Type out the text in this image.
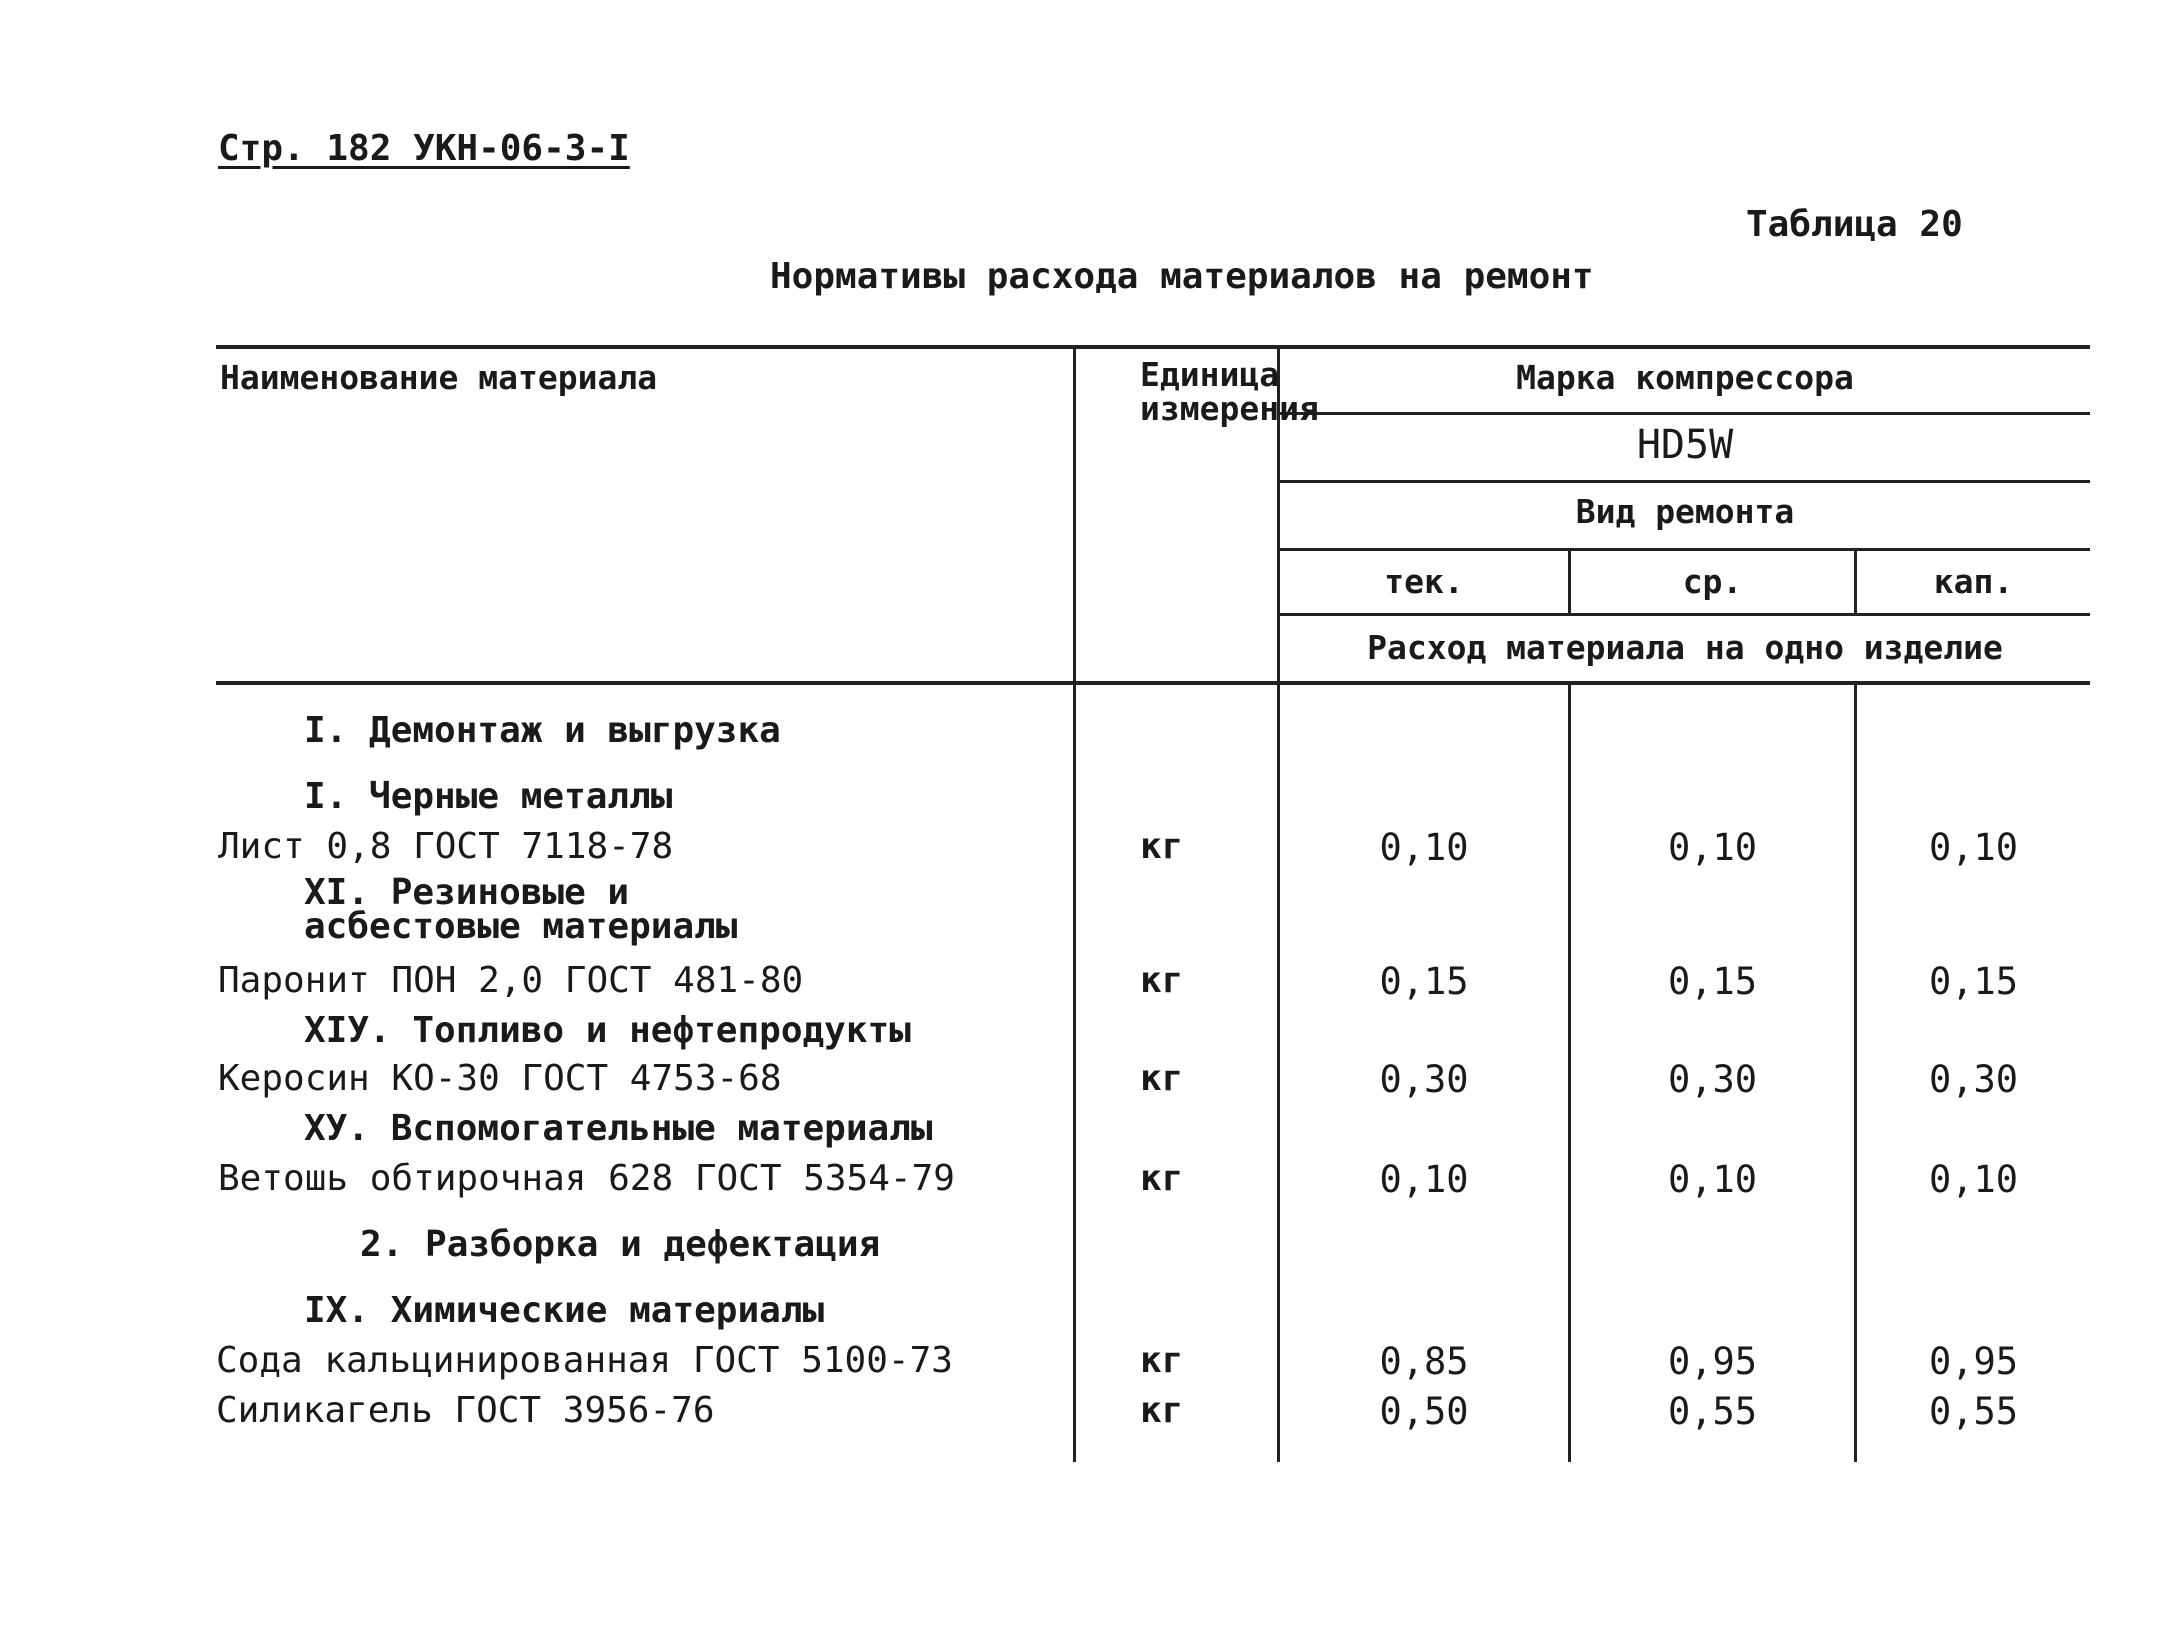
Стр. 182 УКН-06-3-I
Таблица 20
Нормативы расхода материалов на ремонт
Наименование материала	Единица измерения
Марка компрессора
HD5W
Вид ремонта
тек.	ср.	кап.
Расход материала на одно изделие
I. Демонтаж и выгрузка
I. Черные металлы
Лист 0,8 ГОСТ 7118-78	кг	0,10	0,10	0,10
XI. Резиновые и асбестовые материалы
Паронит ПОН 2,0 ГОСТ 481-80	кг	0,15	0,15	0,15
XIУ. Топливо и нефтепродукты
Керосин КО-30 ГОСТ 4753-68	кг	0,30	0,30	0,30
ХУ. Вспомогательные материалы
Ветошь обтирочная 628 ГОСТ 5354-79	кг	0,10	0,10	0,10
2. Разборка и дефектация
IX. Химические материалы
Сода кальцинированная ГОСТ 5100-73	кг	0,85	0,95	0,95
Силикагель ГОСТ 3956-76	кг	0,50	0,55	0,55
